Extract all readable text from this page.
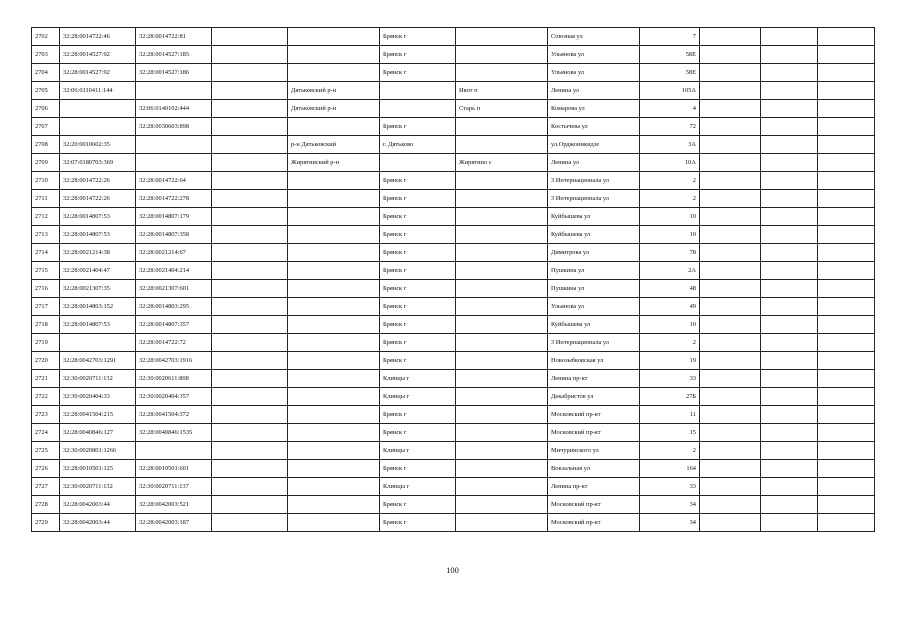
2702	32:28:0014722:46	32:28:0014722:81			Брянск г		Союзная ул	7			
2703	32:28:0014527:92	32:28:0014527:185			Брянск г		Ульянова ул	58Е			
2704	32:28:0014527:92	32:28:0014527:186			Брянск г		Ульянова ул	58Е			
2705	32:06:0110411:144			Дятьковский р-н		Ивот п	Ленина ул	105А			
2706		32:06:0140102:444		Дятьковский р-н		Старь п	Комарова ул	4			
2707		32:28:0030603:898			Брянск г		Костычева ул	72			
2708	32:20:0010602:35			р-н Дятьковский	г. Дятьково		ул.Орджоникидзе	3А			
2709	32:07:0180703:369			Жирятинский р-н		Жирятино с	Ленина ул	10А			
2710	32:28:0014722:26	32:28:0014722:64			Брянск г		3 Интернационала ул	2			
2711	32:28:0014722:26	32:28:0014722:278			Брянск г		3 Интернационала ул	2			
2712	32:28:0014807:53	32:28:0014807:179			Брянск г		Куйбышева ул	10			
2713	32:28:0014807:53	32:28:0014807:358			Брянск г		Куйбышева ул	10			
2714	32:28:0021214:38	32:28:0021214:67			Брянск г		Димитрова ул	78			
2715	32:28:0021404:47	32:28:0021404:214			Брянск г		Пушкина ул	2А			
2716	32:28:0021307:35	32:28:0021307:601			Брянск г		Пушкина ул	48			
2717	32:28:0014803:152	32:28:0014803:295			Брянск г		Ульянова ул	49			
2718	32:28:0014807:53	32:28:0014807:357			Брянск г		Куйбышева ул	10			
2719		32:28:0014722:72			Брянск г		3 Интернационала ул	2			
2720	32:28:0042703:1291	32:28:0042703:1916			Брянск г		Новозыбковская ул	19			
2721	32:30:0020711:132	32:30:0020611:808			Клинцы г		Ленина пр-кт	33			
2722	32:30:0020404:33	32:30:0020404:357			Клинцы г		Декабристов ул	27Б			
2723	32:28:0041504:215	32:28:0041504:372			Брянск г		Московский пр-кт	11			
2724	32:28:0040846:127	32:28:0040846:1535			Брянск г		Московский пр-кт	15			
2725	32:30:0020801:1266				Клинцы г		Мичуринского ул	2			
2726	32:28:0010501:125	32:28:0010501:601			Брянск г		Вокзальная ул	164			
2727	32:30:0020711:132	32:30:0020711:137			Клинцы г		Ленина пр-кт	33			
2728	32:28:0042003:44	32:28:0042003:521			Брянск г		Московский пр-кт	34			
2729	32:28:0042003:44	32:28:0042003:187			Брянск г		Московский пр-кт	34			
100
